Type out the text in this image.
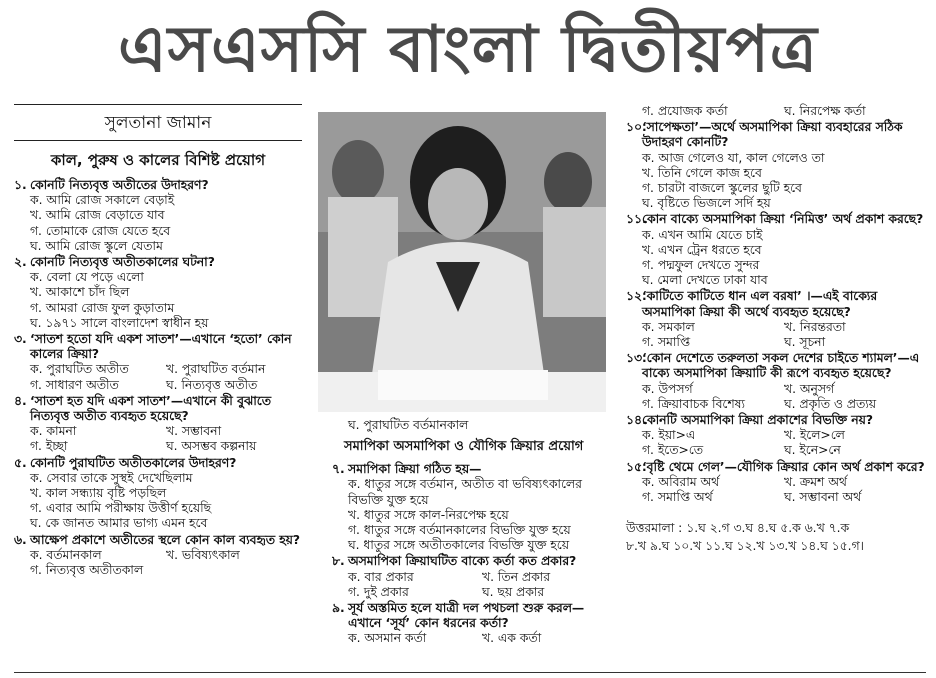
এসএসসি বাংলা দ্বিতীয়পত্র
সুলতানা জামান
কাল, পুরুষ ও কালের বিশিষ্ট প্রয়োগ
১. কোনটি নিত্যবৃত্ত অতীতের উদাহরণ?
ক. আমি রোজ সকালে বেড়াই
খ. আমি রোজ বেড়াতে যাব
গ. তোমাকে রোজ যেতে হবে
ঘ. আমি রোজ স্কুলে যেতাম
২. কোনটি নিত্যবৃত্ত অতীতকালের ঘটনা?
ক. বেলা যে পড়ে এলো
খ. আকাশে চাঁদ ছিল
গ. আমরা রোজ ফুল কুড়াতাম
ঘ. ১৯৭১ সালে বাংলাদেশ স্বাধীন হয়
৩. ‘সাতশ হতো যদি একশ সাতশ’—এখানে ‘হতো’ কোন কালের ক্রিয়া?
ক. পুরাঘটিত অতীত	খ. পুরাঘটিত বর্তমান
গ. সাধারণ অতীত	ঘ. নিত্যবৃত্ত অতীত
৪. ‘সাতশ হত যদি একশ সাতশ’—এখানে কী বুঝাতে নিত্যবৃত্ত অতীত ব্যবহৃত হয়েছে?
ক. কামনা	খ. সম্ভাবনা
গ. ইচ্ছা	ঘ. অসম্ভব কল্পনায়
৫. কোনটি পুরাঘটিত অতীতকালের উদাহরণ?
ক. সেবার তাকে সুস্থই দেখেছিলাম
খ. কাল সন্ধ্যায় বৃষ্টি পড়ছিল
গ. এবার আমি পরীক্ষায় উত্তীর্ণ হয়েছি
ঘ. কে জানত আমার ভাগ্য এমন হবে
৬. আক্ষেপ প্রকাশে অতীতের স্থলে কোন কাল ব্যবহৃত হয়?
ক. বর্তমানকাল	খ. ভবিষ্যৎকাল
গ. নিত্যবৃত্ত অতীতকাল
ঘ. পুরাঘটিত বর্তমানকাল
সমাপিকা অসমাপিকা ও যৌগিক ক্রিয়ার প্রয়োগ
৭. সমাপিকা ক্রিয়া গঠিত হয়—
ক. ধাতুর সঙ্গে বর্তমান, অতীত বা ভবিষ্যৎকালের বিভক্তি যুক্ত হয়ে
খ. ধাতুর সঙ্গে কাল-নিরপেক্ষ হয়ে
গ. ধাতুর সঙ্গে বর্তমানকালের বিভক্তি যুক্ত হয়ে
ঘ. ধাতুর সঙ্গে অতীতকালের বিভক্তি যুক্ত হয়ে
৮. অসমাপিকা ক্রিয়াঘটিত বাক্যে কর্তা কত প্রকার?
ক. বার প্রকার	খ. তিন প্রকার
গ. দুই প্রকার	ঘ. ছয় প্রকার
৯. সূর্য অস্তমিত হলে যাত্রী দল পথচলা শুরু করল—এখানে ‘সূর্য’ কোন ধরনের কর্তা?
ক. অসমান কর্তা	খ. এক কর্তা
গ. প্রযোজক কর্তা	ঘ. নিরপেক্ষ কর্তা
১০.
‘সাপেক্ষতা’—অর্থে অসমাপিকা ক্রিয়া ব্যবহারের সঠিক উদাহরণ কোনটি?
ক. আজ গেলেও যা, কাল গেলেও তা
খ. তিনি গেলে কাজ হবে
গ. চারটা বাজলে স্কুলের ছুটি হবে
ঘ. বৃষ্টিতে ভিজলে সর্দি হয়
১১.
কোন বাক্যে অসমাপিকা ক্রিয়া ‘নিমিত্ত’ অর্থ প্রকাশ করছে?
ক. এখন আমি যেতে চাই
খ. এখন ট্রেন ধরতে হবে
গ. পদ্মফুল দেখতে সুন্দর
ঘ. মেলা দেখতে ঢাকা যাব
১২.
‘কাটিতে কাটিতে ধান এল বরষা’ ।—এই বাক্যের অসমাপিকা ক্রিয়া কী অর্থে ব্যবহৃত হয়েছে?
ক. সমকাল	খ. নিরন্তরতা
গ. সমাপ্তি	ঘ. সূচনা
১৩.
‘কোন দেশেতে তরুলতা সকল দেশের চাইতে শ্যামল’—এ বাক্যে অসমাপিকা ক্রিয়াটি কী রূপে ব্যবহৃত হয়েছে?
ক. উপসর্গ	খ. অনুসর্গ
গ. ক্রিয়াবাচক বিশেষ্য	ঘ. প্রকৃতি ও প্রত্যয়
১৪.
কোনটি অসমাপিকা ক্রিয়া প্রকাশের বিভক্তি নয়?
ক. ইয়া>এ	খ. ইলে>লে
গ. ইতে>তে	ঘ. ইনে>নে
১৫.
‘বৃষ্টি থেমে গেল’—যৌগিক ক্রিয়ার কোন অর্থ প্রকাশ করে?
ক. অবিরাম অর্থ	খ. ক্রমশ অর্থ
গ. সমাপ্তি অর্থ	ঘ. সম্ভাবনা অর্থ
উত্তরমালা : ১.ঘ ২.গ ৩.ঘ ৪.ঘ ৫.ক ৬.খ ৭.ক
৮.খ ৯.ঘ ১০.খ ১১.ঘ ১২.খ ১৩.খ ১৪.ঘ ১৫.গ।
